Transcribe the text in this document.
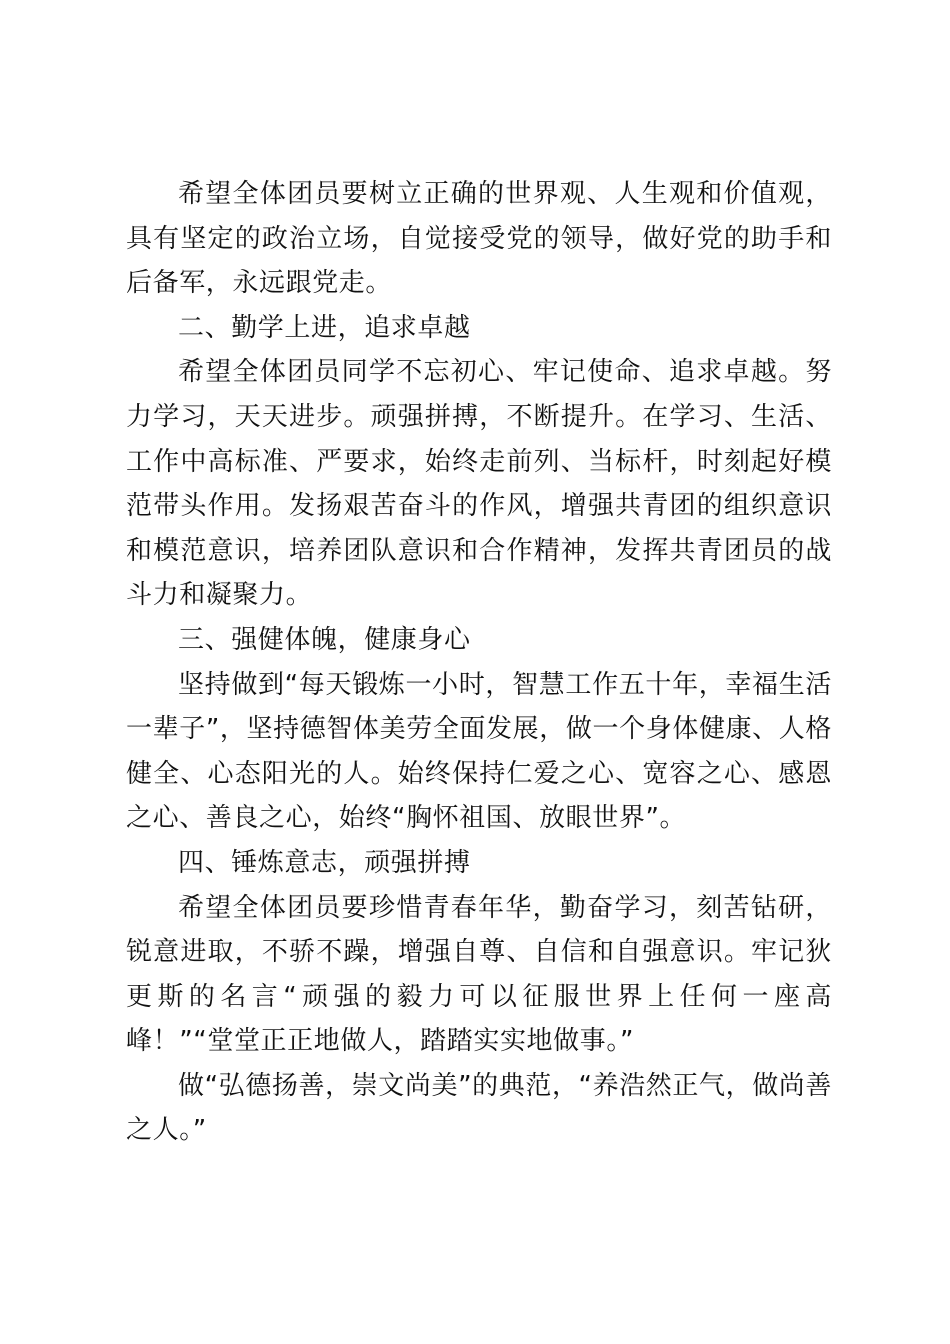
希望全体团员要树立正确的世界观、人生观和价值观，具有坚定的政治立场，自觉接受党的领导，做好党的助手和后备军，永远跟党走。

二、勤学上进，追求卓越

希望全体团员同学不忘初心、牢记使命、追求卓越。努力学习，天天进步。顽强拼搏，不断提升。在学习、生活、工作中高标准、严要求，始终走前列、当标杆，时刻起好模范带头作用。发扬艰苦奋斗的作风，增强共青团的组织意识和模范意识，培养团队意识和合作精神，发挥共青团员的战斗力和凝聚力。

三、强健体魄，健康身心

坚持做到“每天锻炼一小时，智慧工作五十年，幸福生活一辈子”，坚持德智体美劳全面发展，做一个身体健康、人格健全、心态阳光的人。始终保持仁爱之心、宽容之心、感恩之心、善良之心，始终“胸怀祖国、放眼世界”。

四、锤炼意志，顽强拼搏

希望全体团员要珍惜青春年华，勤奋学习，刻苦钻研，锐意进取，不骄不躁，增强自尊、自信和自强意识。牢记狄更斯的名言“顽强的毅力可以征服世界上任何一座高峰！”“堂堂正正地做人，踏踏实实地做事。”

做“弘德扬善，崇文尚美”的典范，“养浩然正气，做尚善之人。”
